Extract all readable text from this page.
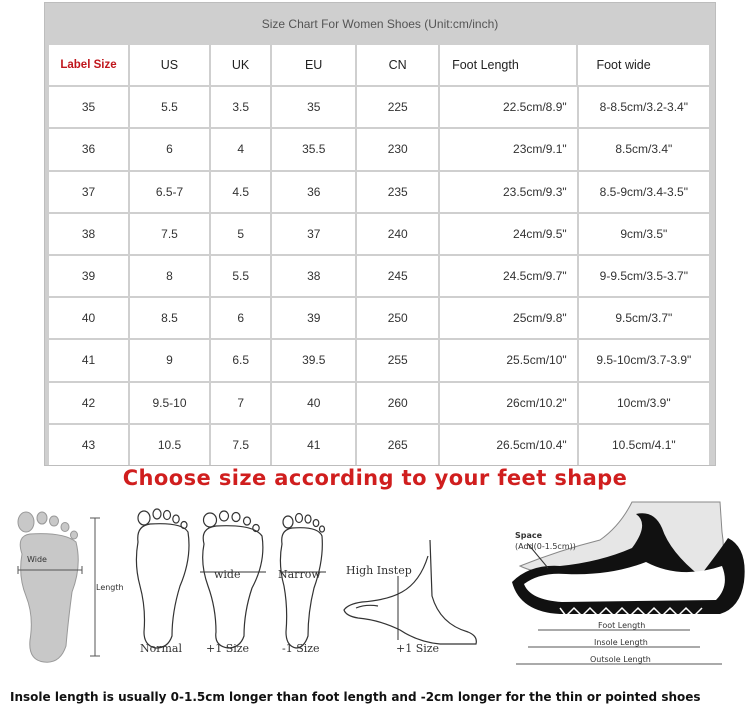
Size Chart For Women Shoes (Unit:cm/inch)
Label Size	US	UK	EU	CN	Foot Length	Foot wide
35	5.5	3.5	35	225	22.5cm/8.9"	8-8.5cm/3.2-3.4"
36	6	4	35.5	230	23cm/9.1"	8.5cm/3.4"
37	6.5-7	4.5	36	235	23.5cm/9.3"	8.5-9cm/3.4-3.5"
38	7.5	5	37	240	24cm/9.5"	9cm/3.5"
39	8	5.5	38	245	24.5cm/9.7"	9-9.5cm/3.5-3.7"
40	8.5	6	39	250	25cm/9.8"	9.5cm/3.7"
41	9	6.5	39.5	255	25.5cm/10"	9.5-10cm/3.7-3.9"
42	9.5-10	7	40	260	26cm/10.2"	10cm/3.9"
43	10.5	7.5	41	265	26.5cm/10.4"	10.5cm/4.1"
Choose size according to your feet shape
Wide
Length
wide	Narrow
Normal +1 Size	-1 Size
High Instep
+1 Size
Space
(Add(0-1.5cm))
Foot Length
Insole Length
Outsole Length
Insole length is usually 0-1.5cm longer than foot length and -2cm longer for the thin or pointed shoes
